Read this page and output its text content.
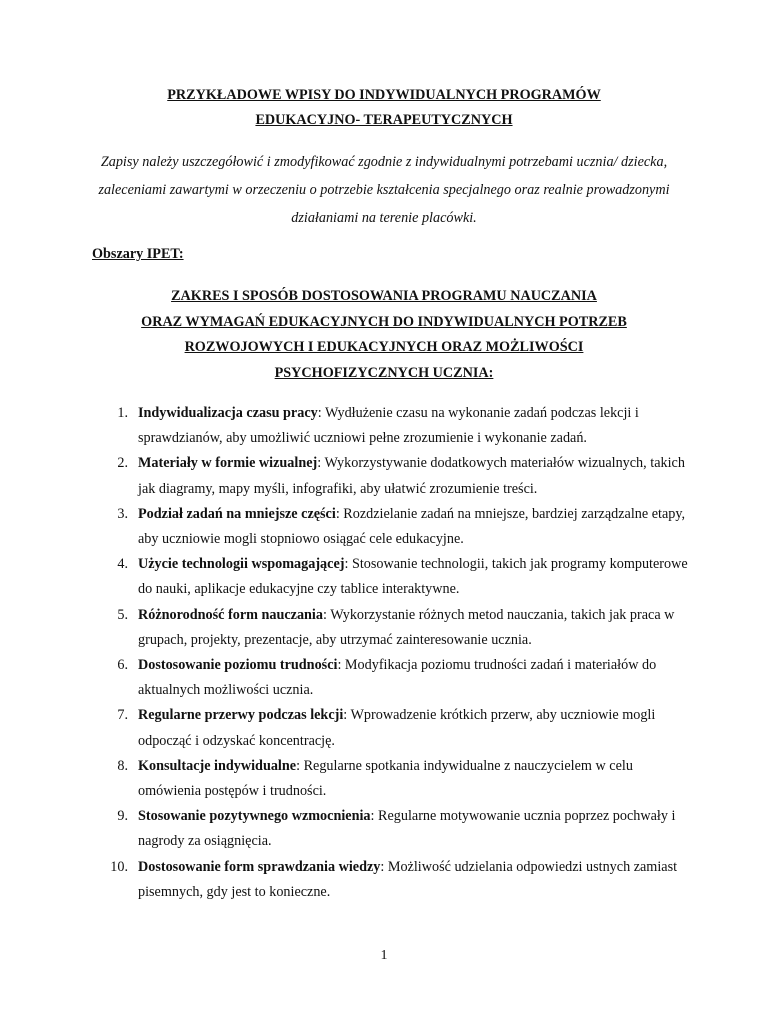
PRZYKŁADOWE WPISY DO INDYWIDUALNYCH PROGRAMÓW
EDUKACYJNO- TERAPEUTYCZNYCH

Zapisy należy uszczegółowić i zmodyfikować zgodnie z indywidualnymi potrzebami ucznia/ dziecka, zaleceniami zawartymi w orzeczeniu o potrzebie kształcenia specjalnego oraz realnie prowadzonymi działaniami na terenie placówki.

Obszary IPET:

ZAKRES I SPOSÓB DOSTOSOWANIA PROGRAMU NAUCZANIA
ORAZ WYMAGAŃ EDUKACYJNYCH DO INDYWIDUALNYCH POTRZEB
ROZWOJOWYCH I EDUKACYJNYCH ORAZ MOŻLIWOŚCI
PSYCHOFIZYCZNYCH UCZNIA:
1. Indywidualizacja czasu pracy: Wydłużenie czasu na wykonanie zadań podczas lekcji i sprawdzianów, aby umożliwić uczniowi pełne zrozumienie i wykonanie zadań.
2. Materiały w formie wizualnej: Wykorzystywanie dodatkowych materiałów wizualnych, takich jak diagramy, mapy myśli, infografiki, aby ułatwić zrozumienie treści.
3. Podział zadań na mniejsze części: Rozdzielanie zadań na mniejsze, bardziej zarządzalne etapy, aby uczniowie mogli stopniowo osiągać cele edukacyjne.
4. Użycie technologii wspomagającej: Stosowanie technologii, takich jak programy komputerowe do nauki, aplikacje edukacyjne czy tablice interaktywne.
5. Różnorodność form nauczania: Wykorzystanie różnych metod nauczania, takich jak praca w grupach, projekty, prezentacje, aby utrzymać zainteresowanie ucznia.
6. Dostosowanie poziomu trudności: Modyfikacja poziomu trudności zadań i materiałów do aktualnych możliwości ucznia.
7. Regularne przerwy podczas lekcji: Wprowadzenie krótkich przerw, aby uczniowie mogli odpocząć i odzyskać koncentrację.
8. Konsultacje indywidualne: Regularne spotkania indywidualne z nauczycielem w celu omówienia postępów i trudności.
9. Stosowanie pozytywnego wzmocnienia: Regularne motywowanie ucznia poprzez pochwały i nagrody za osiągnięcia.
10. Dostosowanie form sprawdzania wiedzy: Możliwość udzielania odpowiedzi ustnych zamiast pisemnych, gdy jest to konieczne.
1
